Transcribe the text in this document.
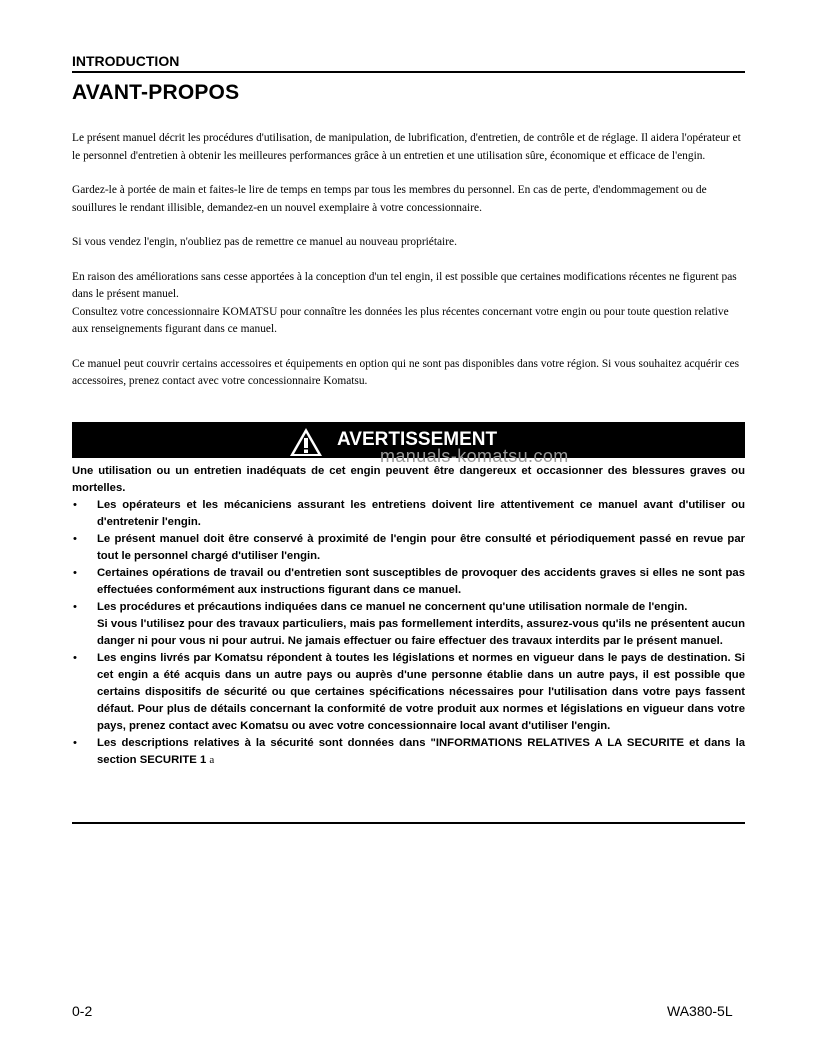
INTRODUCTION
AVANT-PROPOS

Le présent manuel décrit les procédures d'utilisation, de manipulation, de lubrification, d'entretien, de contrôle et de réglage. Il aidera l'opérateur et le personnel d'entretien à obtenir les meilleures performances grâce à un entretien et une utilisation sûre, économique et efficace de l'engin.

Gardez-le à portée de main et faites-le lire de temps en temps par tous les membres du personnel. En cas de perte, d'endommagement ou de souillures le rendant illisible, demandez-en un nouvel exemplaire à votre concessionnaire.

Si vous vendez l'engin, n'oubliez pas de remettre ce manuel au nouveau propriétaire.

En raison des améliorations sans cesse apportées à la conception d'un tel engin, il est possible que certaines modifications récentes ne figurent pas dans le présent manuel.

Consultez votre concessionnaire KOMATSU pour connaître les données les plus récentes concernant votre engin ou pour toute question relative aux renseignements figurant dans ce manuel.

Ce manuel peut couvrir certains accessoires et équipements en option qui ne sont pas disponibles dans votre région. Si vous souhaitez acquérir ces accessoires, prenez contact avec votre concessionnaire Komatsu.

AVERTISSEMENT
manuals-komatsu.com

Une utilisation ou un entretien inadéquats de cet engin peuvent être dangereux et occasionner des blessures graves ou mortelles.

• Les opérateurs et les mécaniciens assurant les entretiens doivent lire attentivement ce manuel avant d'utiliser ou d'entretenir l'engin.
• Le présent manuel doit être conservé à proximité de l'engin pour être consulté et périodiquement passé en revue par tout le personnel chargé d'utiliser l'engin.
• Certaines opérations de travail ou d'entretien sont susceptibles de provoquer des accidents graves si elles ne sont pas effectuées conformément aux instructions figurant dans ce manuel.
• Les procédures et précautions indiquées dans ce manuel ne concernent qu'une utilisation normale de l'engin.
Si vous l'utilisez pour des travaux particuliers, mais pas formellement interdits, assurez-vous qu'ils ne présentent aucun danger ni pour vous ni pour autrui. Ne jamais effectuer ou faire effectuer des travaux interdits par le présent manuel.
• Les engins livrés par Komatsu répondent à toutes les législations et normes en vigueur dans le pays de destination. Si cet engin a été acquis dans un autre pays ou auprès d'une personne établie dans un autre pays, il est possible que certains dispositifs de sécurité ou que certaines spécifications nécessaires pour l'utilisation dans votre pays fassent défaut. Pour plus de détails concernant la conformité de votre produit aux normes et législations en vigueur dans votre pays, prenez contact avec Komatsu ou avec votre concessionnaire local avant d'utiliser l'engin.
• Les descriptions relatives à la sécurité sont données dans "INFORMATIONS RELATIVES A LA SECURITE et dans la section SECURITE 1 a
0-2	WA380-5L
